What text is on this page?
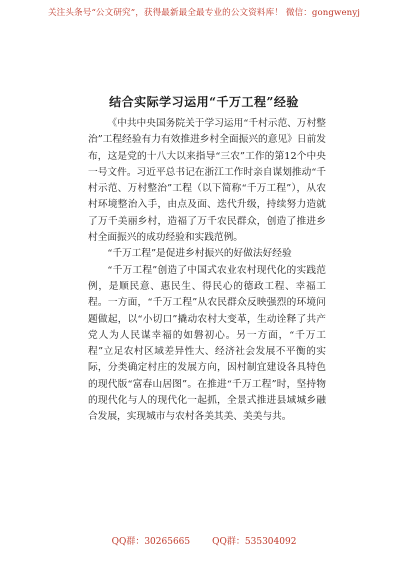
关注头条号“公文研究”，获得最新最全最专业的公文资料库！ 微信：gongwenyj
结合实际学习运用“千万工程”经验

《中共中央国务院关于学习运用“千村示范、万村整治”工程经验有力有效推进乡村全面振兴的意见》日前发布，这是党的十八大以来指导“三农”工作的第12个中央一号文件。习近平总书记在浙江工作时亲自谋划推动“千村示范、万村整治”工程（以下简称“千万工程”），从农村环境整治入手，由点及面、迭代升级，持续努力造就了万千美丽乡村，造福了万千农民群众，创造了推进乡村全面振兴的成功经验和实践范例。

“千万工程”是促进乡村振兴的好做法好经验

“千万工程”创造了中国式农业农村现代化的实践范例，是顺民意、惠民生、得民心的德政工程、幸福工程。一方面，“千万工程”从农民群众反映强烈的环境问题做起，以“小切口”撬动农村大变革，生动诠释了共产党人为人民谋幸福的如磐初心。另一方面，“千万工程”立足农村区域差异性大、经济社会发展不平衡的实际，分类确定村庄的发展方向，因村制宜建设各具特色的现代版“富春山居图”。在推进“千万工程”时，坚持物的现代化与人的现代化一起抓，全景式推进县域城乡融合发展，实现城市与农村各美其美、美美与共。

QQ群：30265665 QQ群：535304092
